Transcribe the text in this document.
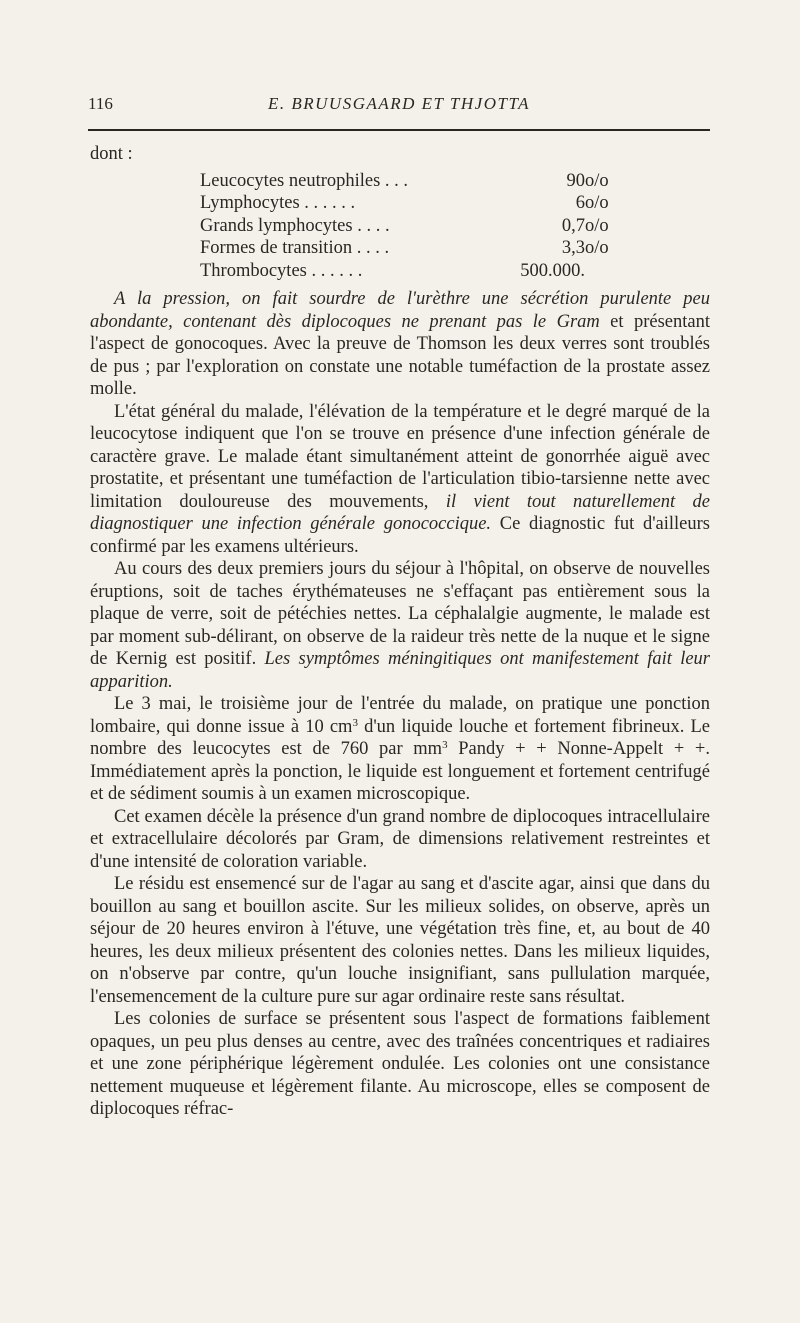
116	E. BRUUSGAARD ET THJOTTA

dont :

Leucocytes neutrophiles . . .	90	o/o
Lymphocytes . . . . . .	6	o/o
Grands lymphocytes . . . .	0,7	o/o
Formes de transition . . . .	3,3	o/o
Thrombocytes . . . . . .	500.000.	

A la pression, on fait sourdre de l'urèthre une sécrétion purulente peu abondante, contenant dès diplocoques ne prenant pas le Gram et présentant l'aspect de gonocoques. Avec la preuve de Thomson les deux verres sont troublés de pus ; par l'exploration on constate une notable tuméfaction de la prostate assez molle.

L'état général du malade, l'élévation de la température et le degré marqué de la leucocytose indiquent que l'on se trouve en présence d'une infection générale de caractère grave. Le malade étant simultanément atteint de gonorrhée aiguë avec prostatite, et présentant une tuméfaction de l'articulation tibio-tarsienne nette avec limitation douloureuse des mouvements, il vient tout naturellement de diagnostiquer une infection générale gonococcique. Ce diagnostic fut d'ailleurs confirmé par les examens ultérieurs.

Au cours des deux premiers jours du séjour à l'hôpital, on observe de nouvelles éruptions, soit de taches érythémateuses ne s'effaçant pas entièrement sous la plaque de verre, soit de pétéchies nettes. La céphalalgie augmente, le malade est par moment sub-délirant, on observe de la raideur très nette de la nuque et le signe de Kernig est positif. Les symptômes méningitiques ont manifestement fait leur apparition.

Le 3 mai, le troisième jour de l'entrée du malade, on pratique une ponction lombaire, qui donne issue à 10 $cm^3$ d'un liquide louche et fortement fibrineux. Le nombre des leucocytes est de 760 par $mm^3$ Pandy + + Nonne-Appelt + +. Immédiatement après la ponction, le liquide est longuement et fortement centrifugé et de sédiment soumis à un examen microscopique.

Cet examen décèle la présence d'un grand nombre de diplocoques intracellulaire et extracellulaire décolorés par Gram, de dimensions relativement restreintes et d'une intensité de coloration variable.

Le résidu est ensemencé sur de l'agar au sang et d'ascite agar, ainsi que dans du bouillon au sang et bouillon ascite. Sur les milieux solides, on observe, après un séjour de 20 heures environ à l'étuve, une végétation très fine, et, au bout de 40 heures, les deux milieux présentent des colonies nettes. Dans les milieux liquides, on n'observe par contre, qu'un louche insignifiant, sans pullulation marquée, l'ensemencement de la culture pure sur agar ordinaire reste sans résultat.

Les colonies de surface se présentent sous l'aspect de formations faiblement opaques, un peu plus denses au centre, avec des traînées concentriques et radiaires et une zone périphérique légèrement ondulée. Les colonies ont une consistance nettement muqueuse et légèrement filante. Au microscope, elles se composent de diplocoques réfrac-
